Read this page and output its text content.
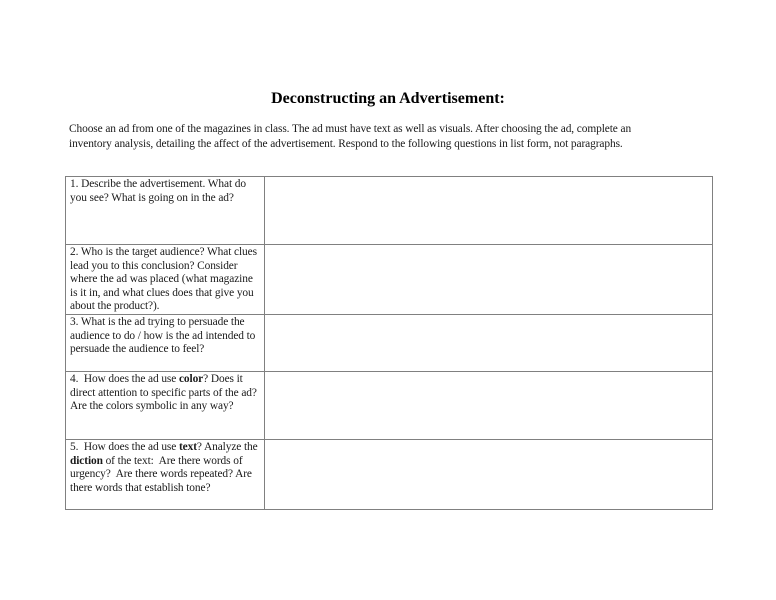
Deconstructing an Advertisement:

Choose an ad from one of the magazines in class. The ad must have text as well as visuals. After choosing the ad, complete an

inventory analysis, detailing the affect of the advertisement. Respond to the following questions in list form, not paragraphs.

1. Describe the advertisement. What do you see? What is going on in the ad?	
2. Who is the target audience? What clues lead you to this conclusion? Consider where the ad was placed (what magazine is it in, and what clues does that give you about the product?).	
3. What is the ad trying to persuade the audience to do / how is the ad intended to persuade the audience to feel?	
4.  How does the ad use color? Does it direct attention to specific parts of the ad?  Are the colors symbolic in any way?	
5.  How does the ad use text? Analyze the diction of the text:  Are there words of urgency?  Are there words repeated? Are there words that establish tone?	
